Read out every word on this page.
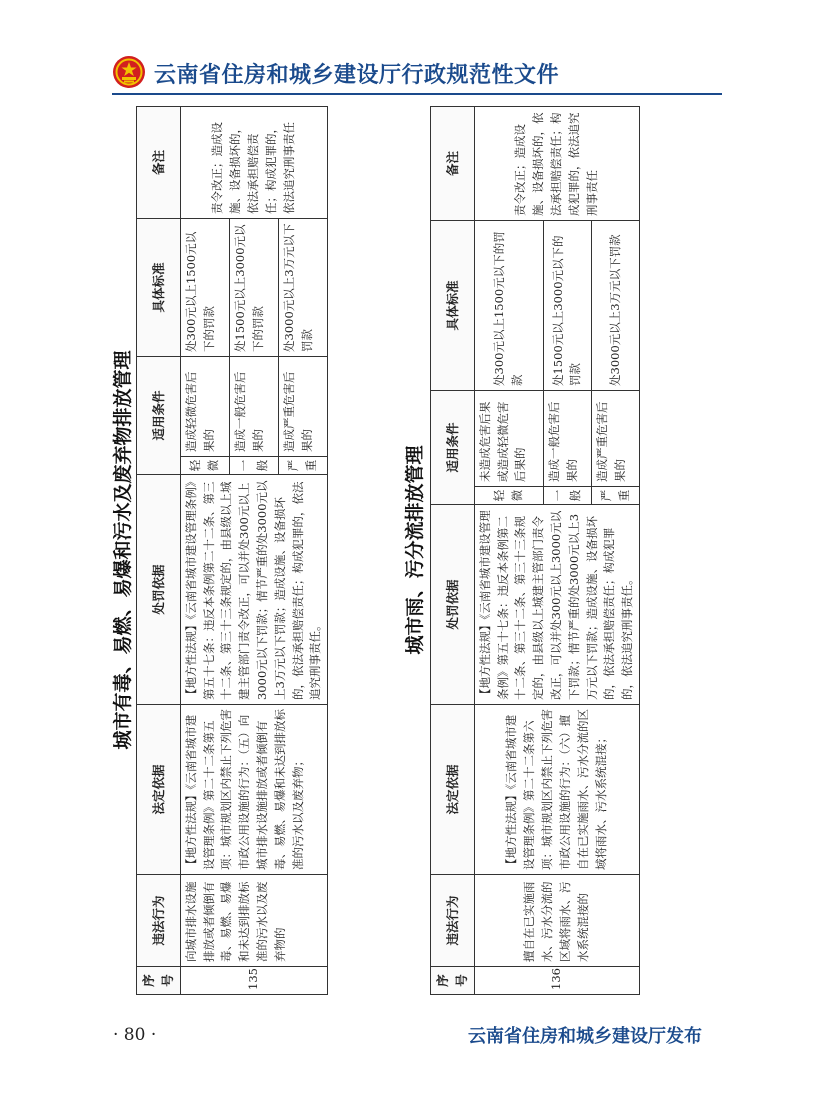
云南省住房和城乡建设厅行政规范性文件
城市有毒、易燃、易爆和污水及废弃物排放管理
序号	违法行为	法定依据	处罚依据	适用条件		具体标准	备注
135	向城市排水设施排放或者倾倒有毒、易燃、易爆和未达到排放标准的污水以及废弃物的	【地方性法规】《云南省城市建设管理条例》第二十二条第五项：城市规划区内禁止下列危害市政公用设施的行为：（五）向城市排水设施排放或者倾倒有毒、易燃、易爆和未达到排放标准的污水以及废弃物；	【地方性法规】《云南省城市建设管理条例》第五十七条：违反本条例第二十二条、第三十二条、第三十三条规定的，由县级以上城建主管部门责令改正，可以并处300元以上3000元以下罚款；情节严重的处3000元以上3万元以下罚款；造成设施、设备损坏的，依法承担赔偿责任；构成犯罪的，依法追究刑事责任。	轻微	造成轻微危害后果的	处300元以上1500元以下的罚款	责令改正；造成设施、设备损坏的，依法承担赔偿责任；构成犯罪的，依法追究刑事责任
				一般	造成一般危害后果的	处1500元以上3000元以下的罚款	
				严重	造成严重危害后果的	处3000元以上3万元以下罚款	
城市雨、污分流排放管理
序号	违法行为	法定依据	处罚依据	适用条件		具体标准	备注
136	擅自在已实施雨水、污水分流的区域将雨水、污水系统混接的	【地方性法规】《云南省城市建设管理条例》第二十二条第六项：城市规划区内禁止下列危害市政公用设施的行为：（六）擅自在已实施雨水、污水分流的区域将雨水、污水系统混接；	【地方性法规】《云南省城市建设管理条例》第五十七条：违反本条例第二十二条、第三十二条、第三十三条规定的，由县级以上城建主管部门责令改正，可以并处300元以上3000元以下罚款；情节严重的处3000元以上3万元以下罚款；造成设施、设备损坏的，依法承担赔偿责任；构成犯罪的，依法追究刑事责任。	轻微	未造成危害后果或造成轻微危害后果的	处300元以上1500元以下的罚款	责令改正；造成设施、设备损坏的，依法承担赔偿责任；构成犯罪的，依法追究刑事责任
				一般	造成一般危害后果的	处1500元以上3000元以下的罚款	
				严重	造成严重危害后果的	处3000元以上3万元以下罚款	
· 80 ·	云南省住房和城乡建设厅发布
